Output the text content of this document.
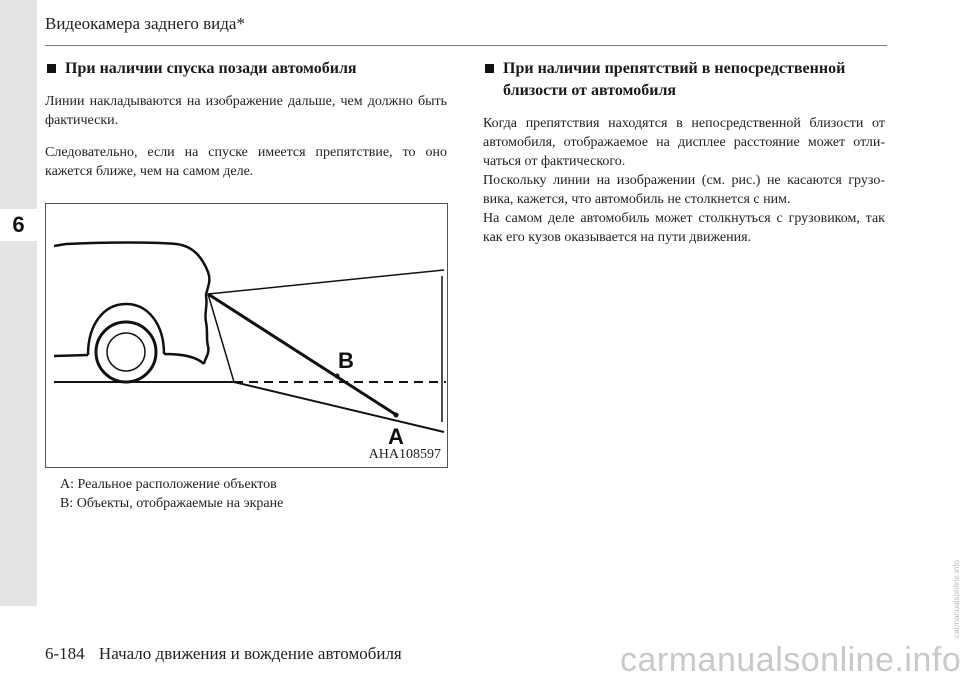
6
Видеокамера заднего вида*
При наличии спуска позади автомобиля

Линии накладываются на изображение дальше, чем должно быть фактически.

Следовательно, если на спуске имеется препятствие, то оно кажется ближе, чем на самом деле.

B
A
AHA108597
A: Реальное расположение объектов
B: Объекты, отображаемые на экране
При наличии препятствий в непосредственной близости от автомобиля

Когда препятствия находятся в непосредственной близости от автомобиля, отображаемое на дисплее расстояние может отли-чаться от фактического.

Поскольку линии на изображении (см. рис.) не касаются грузо-вика, кажется, что автомобиль не столкнется с ним.

На самом деле автомобиль может столкнуться с грузовиком, так как его кузов оказывается на пути движения.

6-184 Начало движения и вождение автомобиля	carmanualsonline.info
carmanualsonline.info
